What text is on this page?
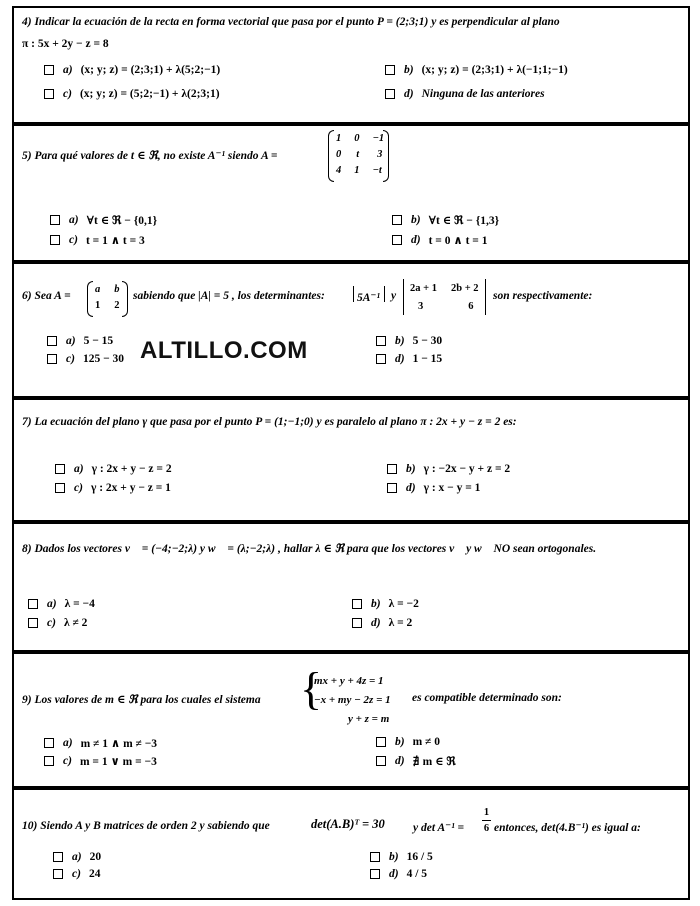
4) Indicar la ecuación de la recta en forma vectorial que pasa por el punto P = (2;3;1) y es perpendicular al plano
π : 5x + 2y − z = 8
a) (x; y; z) = (2;3;1) + λ(5;2;−1)	b) (x; y; z) = (2;3;1) + λ(−1;1;−1)
c) (x; y; z) = (5;2;−1) + λ(2;3;1)	d) Ninguna de las anteriores
5) Para qué valores de t ∈ ℜ, no existe A⁻¹ siendo A =
1 0 −1
0 t 3
4 1 −t
a) ∀t ∈ ℜ − {0,1}	b) ∀t ∈ ℜ − {1,3}
c) t = 1 ∧ t = 3	d) t = 0 ∧ t = 1
6) Sea A =
a b
1 2
sabiendo que |A| = 5 , los determinantes:	5A⁻¹ y
2a + 1 2b + 2
3	6
son respectivamente:
a) 5 − 15	b) 5 − 30
c) 125 − 30	d) 1 − 15
ALTILLO.COM
7) La ecuación del plano γ que pasa por el punto P = (1;−1;0) y es paralelo al plano π : 2x + y − z = 2 es:
a) γ : 2x + y − z = 2	b) γ : −2x − y + z = 2
c) γ : 2x + y − z = 1	d) γ : x − y = 1
8) Dados los vectores v⃗ = (−4;−2;λ) y w⃗ = (λ;−2;λ) , hallar λ ∈ ℜ para que los vectores v⃗ y w⃗ NO sean ortogonales.
a) λ = −4	b) λ = −2
c) λ ≠ 2	d) λ = 2
9) Los valores de m ∈ ℜ para los cuales el sistema {
mx + y + 4z = 1
−x + my − 2z = 1
y + z = m
es compatible determinado son:
a) m ≠ 1 ∧ m ≠ −3	b) m ≠ 0
c) m = 1 ∨ m = −3	d) ∄ m ∈ ℜ
10) Siendo A y B matrices de orden 2 y sabiendo que	det(A.B)ᵀ = 30 y det A⁻¹ =
1
6 entonces, det(4.B⁻¹) es igual a:
a) 20	b) 16 / 5
c) 24	d) 4 / 5
